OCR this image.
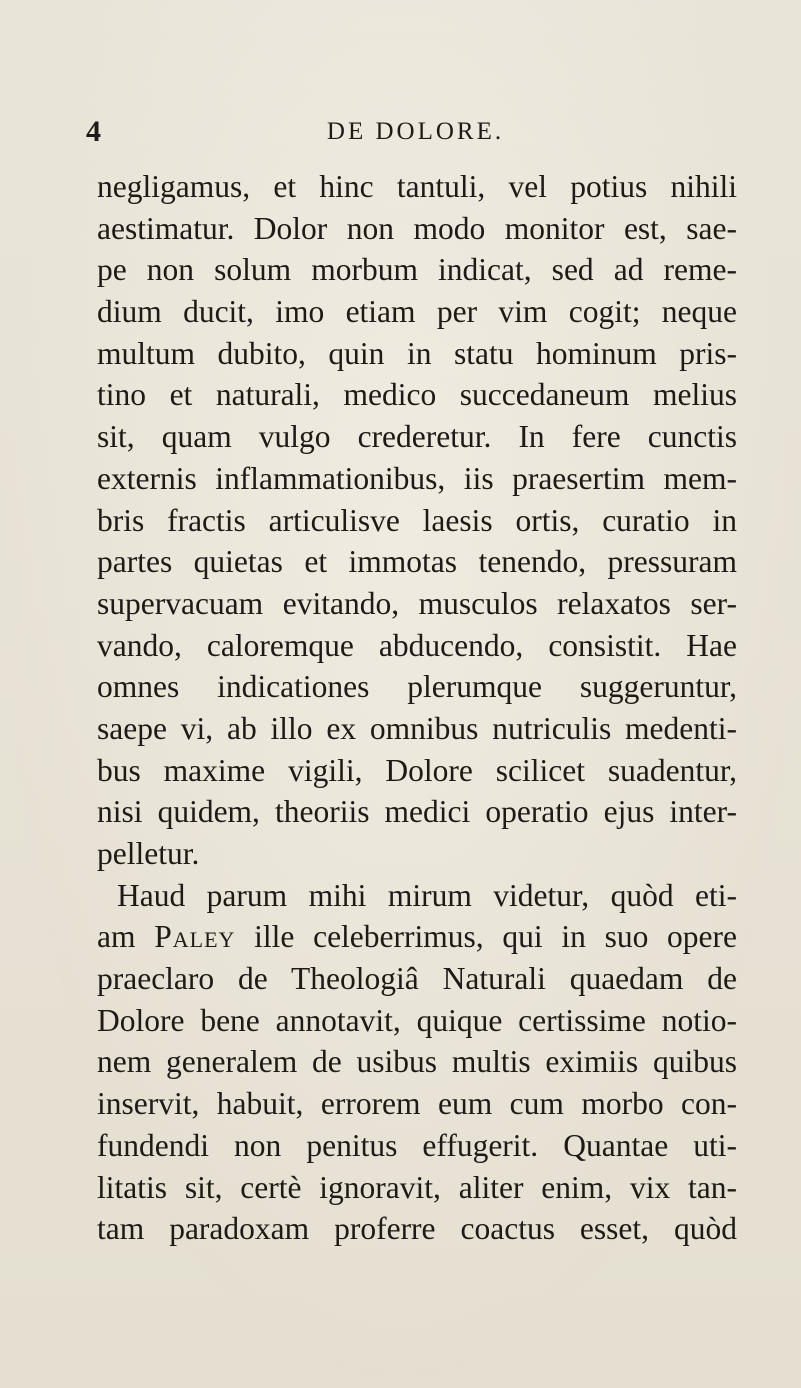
4	DE DOLORE.
negligamus, et hinc tantuli, vel potius nihili
aestimatur. Dolor non modo monitor est, sae-
pe non solum morbum indicat, sed ad reme-
dium ducit, imo etiam per vim cogit; neque
multum dubito, quin in statu hominum pris-
tino et naturali, medico succedaneum melius
sit, quam vulgo crederetur. In fere cunctis
externis inflammationibus, iis praesertim mem-
bris fractis articulisve laesis ortis, curatio in
partes quietas et immotas tenendo, pressuram
supervacuam evitando, musculos relaxatos ser-
vando, caloremque abducendo, consistit. Hae
omnes indicationes plerumque suggeruntur,
saepe vi, ab illo ex omnibus nutriculis medenti-
bus maxime vigili, Dolore scilicet suadentur,
nisi quidem, theoriis medici operatio ejus inter-
pelletur.
Haud parum mihi mirum videtur, quòd eti-
am Paley ille celeberrimus, qui in suo opere
praeclaro de Theologiâ Naturali quaedam de
Dolore bene annotavit, quique certissime notio-
nem generalem de usibus multis eximiis quibus
inservit, habuit, errorem eum cum morbo con-
fundendi non penitus effugerit. Quantae uti-
litatis sit, certè ignoravit, aliter enim, vix tan-
tam paradoxam proferre coactus esset, quòd
